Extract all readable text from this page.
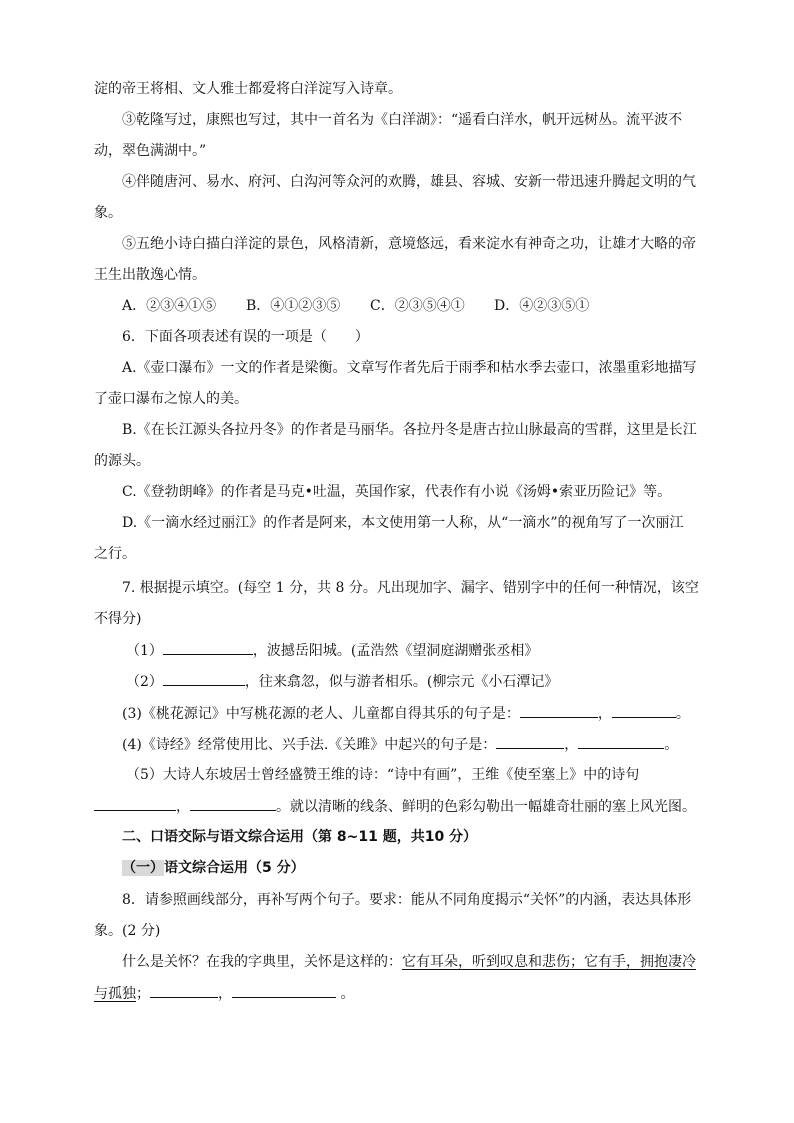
淀的帝王将相、文人雅士都爱将白洋淀写入诗章。
③乾隆写过，康熙也写过，其中一首名为《白洋湖》：“遥看白洋水，帆开远树丛。流平波不
动，翠色满湖中。”
④伴随唐河、易水、府河、白沟河等众河的欢腾，雄县、容城、安新一带迅速升腾起文明的气
象。
⑤五绝小诗白描白洋淀的景色，风格清新，意境悠远，看来淀水有神奇之功，让雄才大略的帝
王生出散逸心情。
A．②③④①⑤ B．④①②③⑤ C．②③⑤④① D．④②③⑤①
6．下面各项表述有误的一项是（　　）
A.《壶口瀑布》一文的作者是梁衡。文章写作者先后于雨季和枯水季去壶口，浓墨重彩地描写
了壶口瀑布之惊人的美。
B.《在长江源头各拉丹冬》的作者是马丽华。各拉丹冬是唐古拉山脉最高的雪群，这里是长江
的源头。
C.《登勃朗峰》的作者是马克•吐温，英国作家，代表作有小说《汤姆•索亚历险记》等。
D.《一滴水经过丽江》的作者是阿来，本文使用第一人称，从“一滴水”的视角写了一次丽江
之行。
7. 根据提示填空。(每空 1 分，共 8 分。凡出现加字、漏字、错别字中的任何一种情况，该空
不得分)
（1）	，波撼岳阳城。(孟浩然《望洞庭湖赠张丞相》
（2）	，往来翕忽，似与游者相乐。(柳宗元《小石潭记》
(3)《桃花源记》中写桃花源的老人、儿童都自得其乐的句子是：	，	。
(4)《诗经》经常使用比、兴手法.《关雎》中起兴的句子是：	，	。
（5）大诗人东坡居士曾经盛赞王维的诗：“诗中有画”，王维《使至塞上》中的诗句
，	。就以清晰的线条、鲜明的色彩勾勒出一幅雄奇壮丽的塞上风光图。
二、口语交际与语文综合运用（第 8~11 题，共10 分）
（一）语文综合运用（5 分）
8．请参照画线部分，再补写两个句子。要求：能从不同角度揭示“关怀”的内涵，表达具体形
象。(2 分)
什么是关怀？在我的字典里，关怀是这样的：它有耳朵，听到叹息和悲伤；它有手，拥抱凄冷
与孤独；	，	。
